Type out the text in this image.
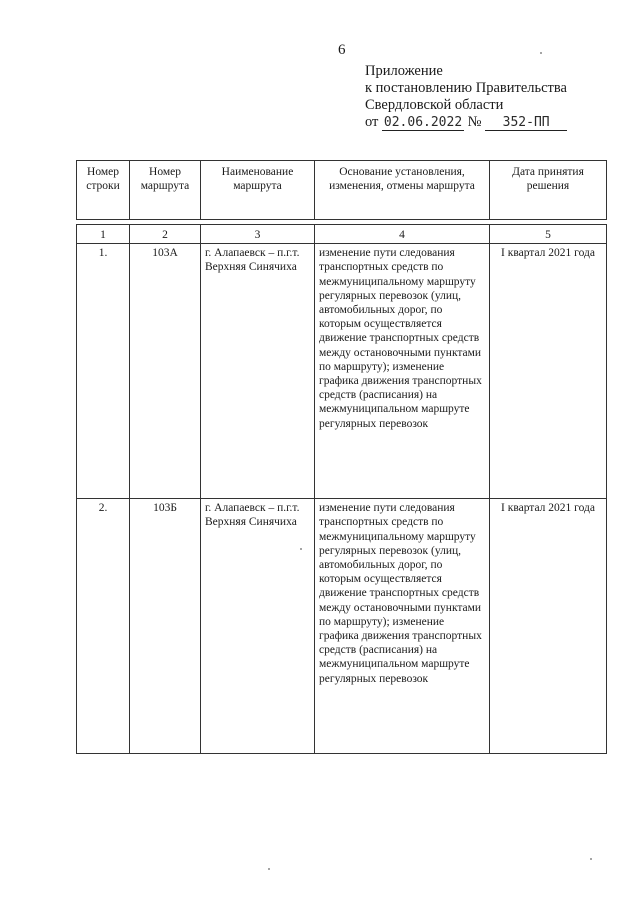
6
Приложение
к постановлению Правительства
Свердловской области
от 02.06.2022 № 352-ПП
Номер строки	Номер маршрута	Наименование маршрута	Основание установления, изменения, отмены маршрута	Дата принятия решения
1	2	3	4	5
1.	103А	г. Алапаевск – п.г.т. Верхняя Синячиха	изменение пути следования транспортных средств по межмуниципальному маршруту регулярных перевозок (улиц, автомобильных дорог, по которым осуществляется движение транспортных средств между остановочными пунктами по маршруту); изменение графика движения транспортных средств (расписания) на межмуниципальном маршруте регулярных перевозок	I квартал 2021 года
2.	103Б	г. Алапаевск – п.г.т. Верхняя Синячиха	изменение пути следования транспортных средств по межмуниципальному маршруту регулярных перевозок (улиц, автомобильных дорог, по которым осуществляется движение транспортных средств между остановочными пунктами по маршруту); изменение графика движения транспортных средств (расписания) на межмуниципальном маршруте регулярных перевозок	I квартал 2021 года
